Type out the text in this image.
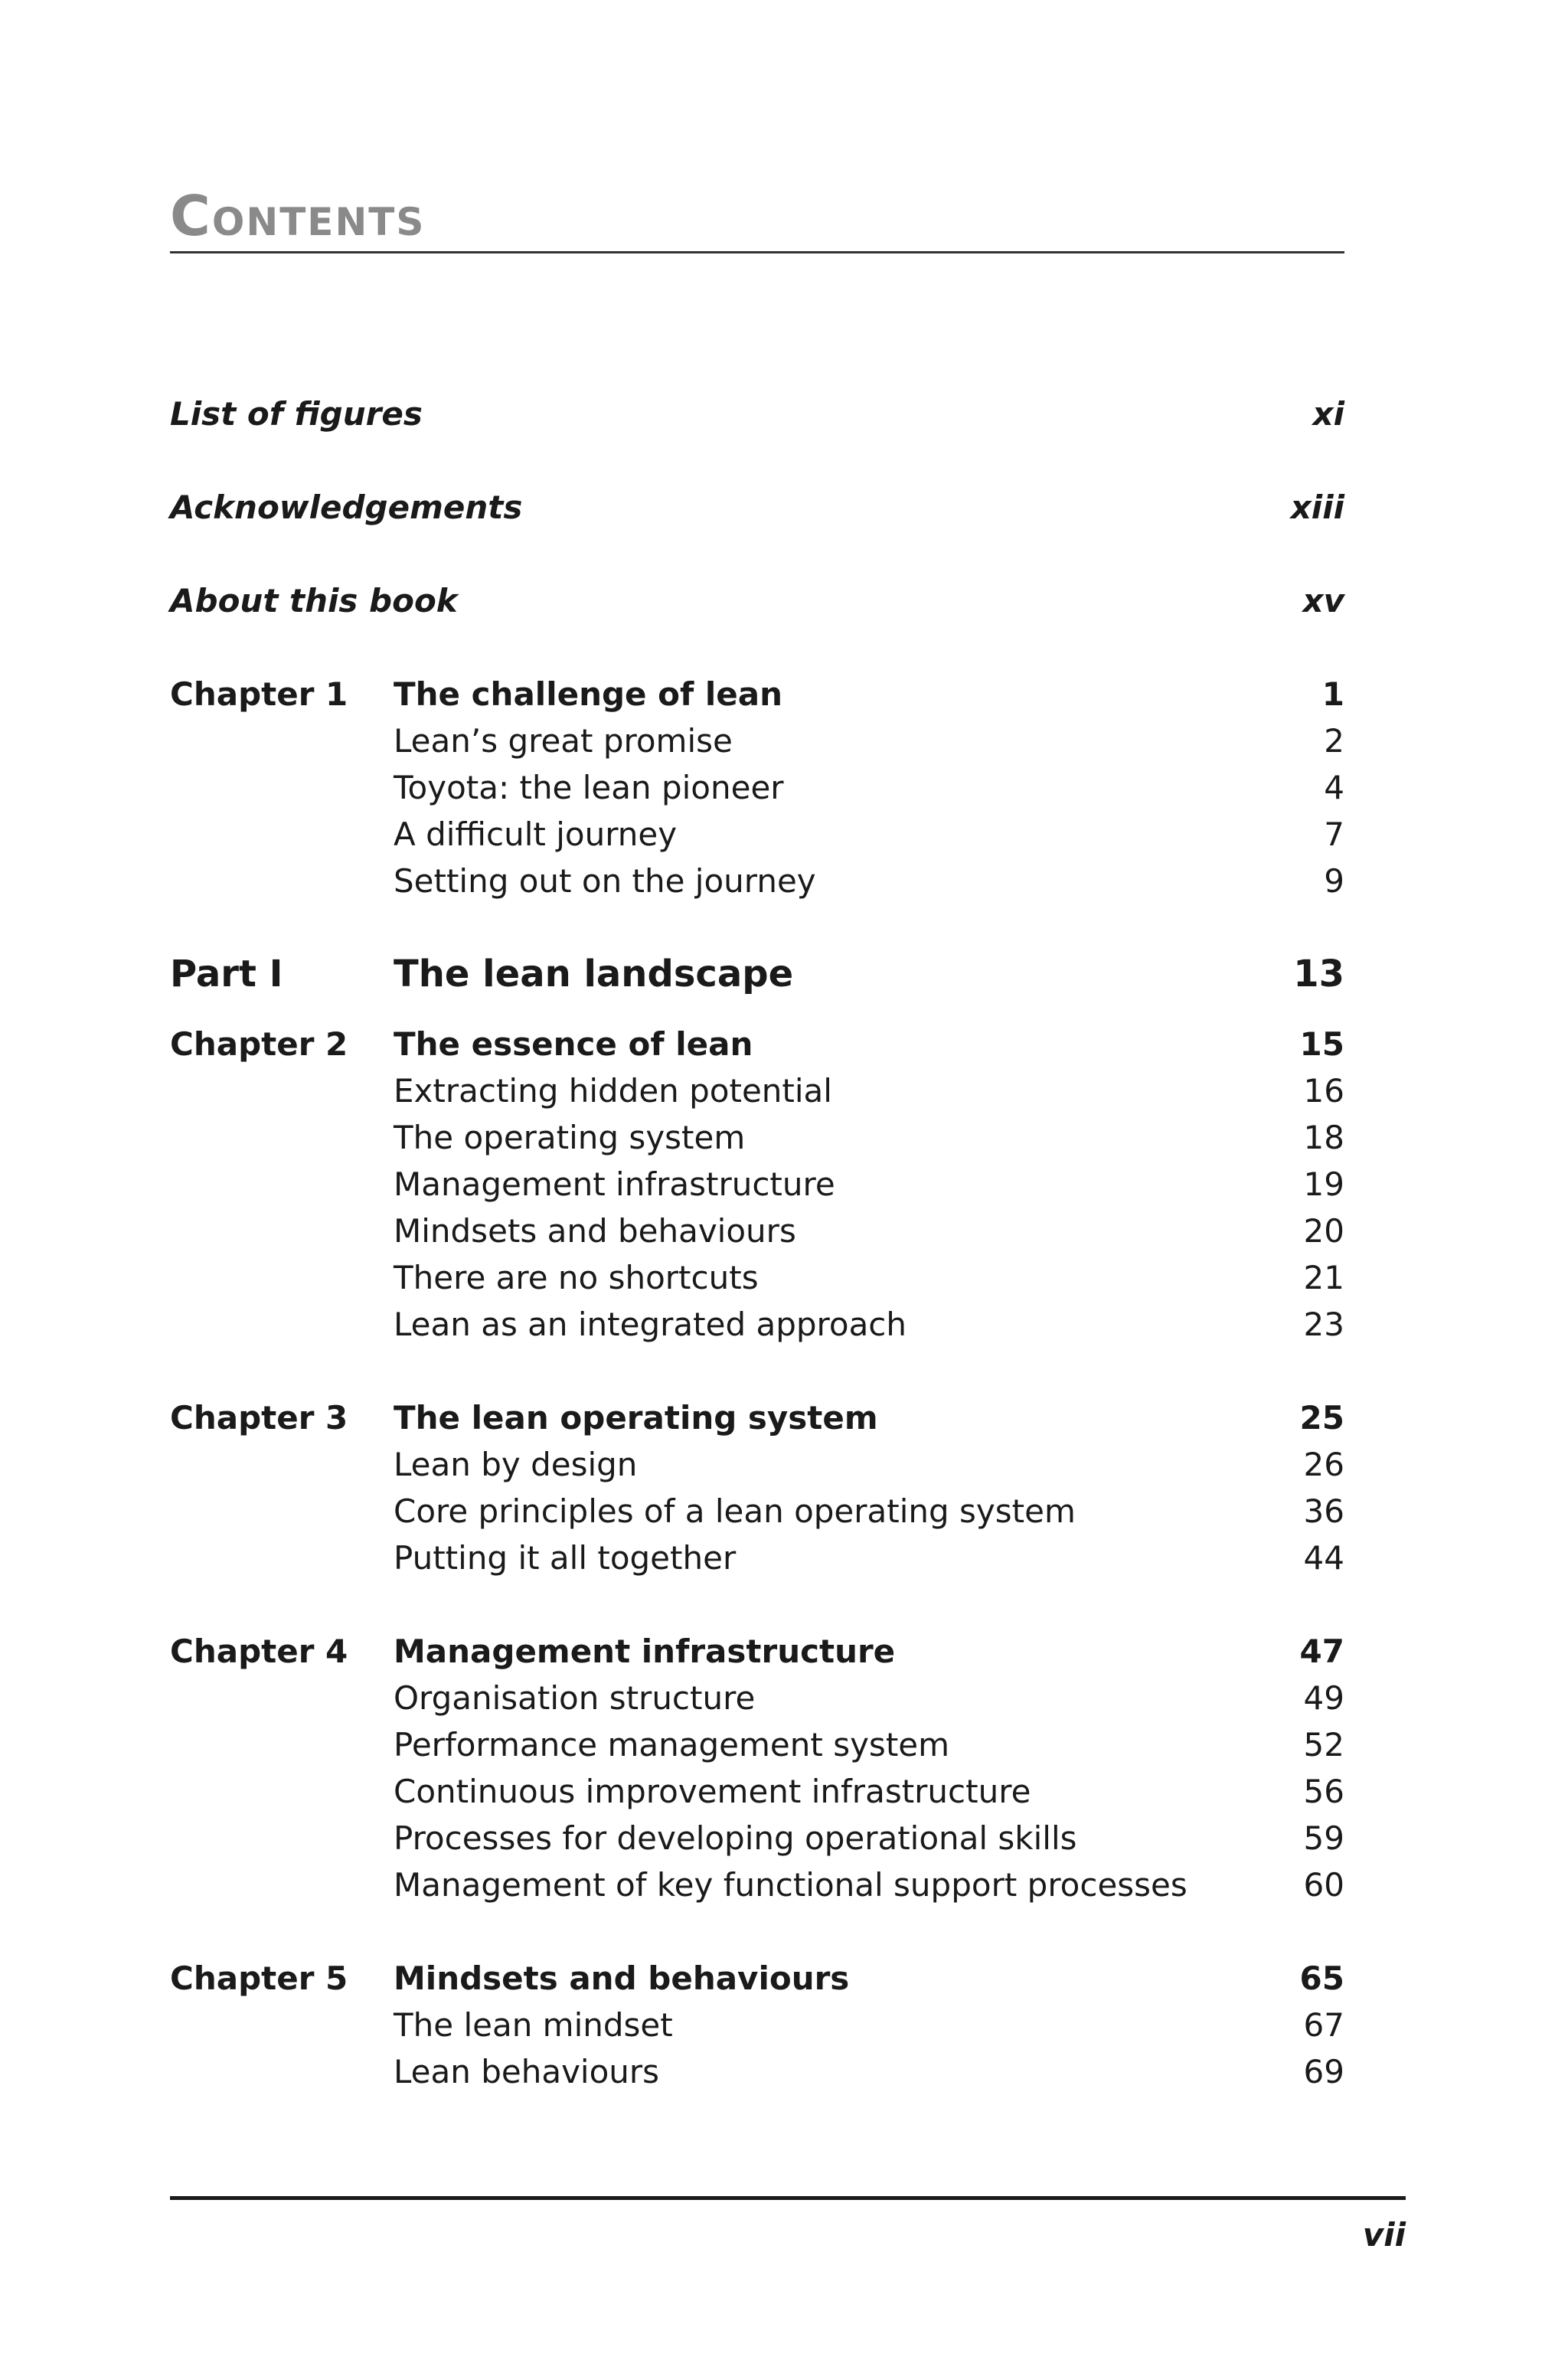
Contents
List of figures	xi
Acknowledgements	xiii
About this book	xv
Chapter 1 The challenge of lean	1
Lean’s great promise	2
Toyota: the lean pioneer	4
A difficult journey	7
Setting out on the journey	9
Part I	The lean landscape	13
Chapter 2 The essence of lean	15
Extracting hidden potential	16
The operating system	18
Management infrastructure	19
Mindsets and behaviours	20
There are no shortcuts	21
Lean as an integrated approach	23
Chapter 3 The lean operating system	25
Lean by design	26
Core principles of a lean operating system	36
Putting it all together	44
Chapter 4 Management infrastructure	47
Organisation structure	49
Performance management system	52
Continuous improvement infrastructure	56
Processes for developing operational skills	59
Management of key functional support processes	60
Chapter 5 Mindsets and behaviours	65
The lean mindset	67
Lean behaviours	69
vii
